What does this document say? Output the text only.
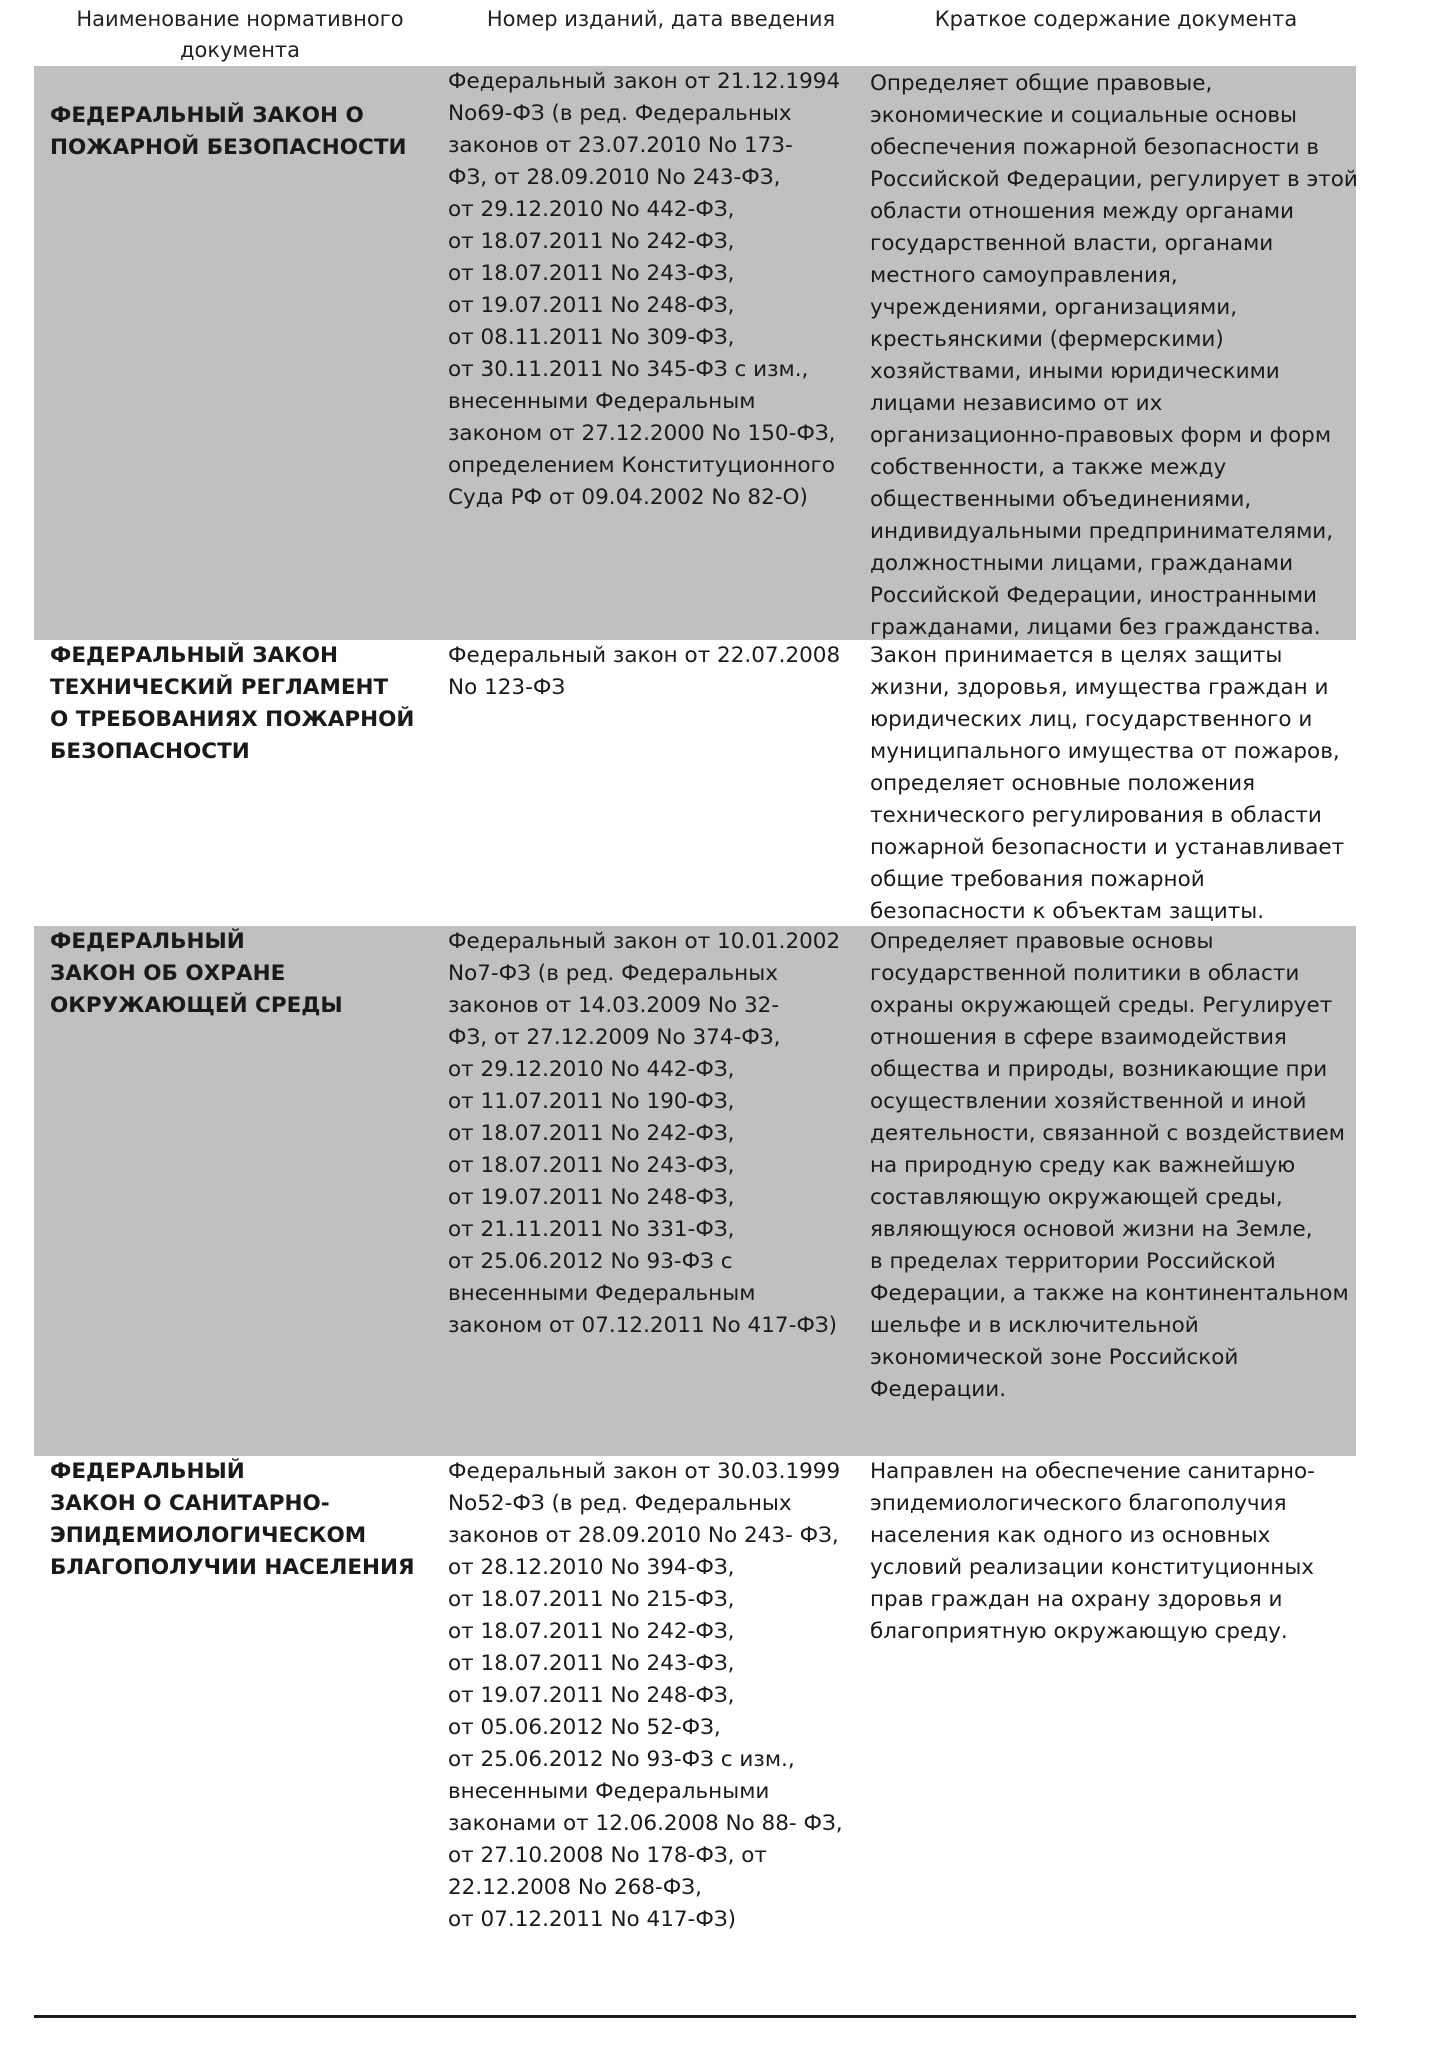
Наименование нормативного
документа
Номер изданий, дата введения	Краткое содержание документа
ФЕДЕРАЛЬНЫЙ ЗАКОН О
ПОЖАРНОЙ БЕЗОПАСНОСТИ
Федеральный закон от 21.12.1994
No69-ФЗ (в ред. Федеральных
законов от 23.07.2010 No 173-
ФЗ, от 28.09.2010 No 243-ФЗ,
от 29.12.2010 No 442-ФЗ,
от 18.07.2011 No 242-ФЗ,
от 18.07.2011 No 243-ФЗ,
от 19.07.2011 No 248-ФЗ,
от 08.11.2011 No 309-ФЗ,
от 30.11.2011 No 345-ФЗ с изм.,
внесенными Федеральным
законом от 27.12.2000 No 150-ФЗ,
определением Конституционного
Суда РФ от 09.04.2002 No 82-О)
Определяет общие правовые,
экономические и социальные основы
обеспечения пожарной безопасности в
Российской Федерации, регулирует в этой
области отношения между органами
государственной власти, органами
местного самоуправления,
учреждениями, организациями,
крестьянскими (фермерскими)
хозяйствами, иными юридическими
лицами независимо от их
организационно-правовых форм и форм
собственности, а также между
общественными объединениями,
индивидуальными предпринимателями,
должностными лицами, гражданами
Российской Федерации, иностранными
гражданами, лицами без гражданства.
ФЕДЕРАЛЬНЫЙ ЗАКОН
ТЕХНИЧЕСКИЙ РЕГЛАМЕНТ
О ТРЕБОВАНИЯХ ПОЖАРНОЙ
БЕЗОПАСНОСТИ
Федеральный закон от 22.07.2008
No 123-ФЗ
Закон принимается в целях защиты
жизни, здоровья, имущества граждан и
юридических лиц, государственного и
муниципального имущества от пожаров,
определяет основные положения
технического регулирования в области
пожарной безопасности и устанавливает
общие требования пожарной
безопасности к объектам защиты.
ФЕДЕРАЛЬНЫЙ
ЗАКОН ОБ ОХРАНЕ
ОКРУЖАЮЩЕЙ СРЕДЫ
Федеральный закон от 10.01.2002
No7-ФЗ (в ред. Федеральных
законов от 14.03.2009 No 32-
ФЗ, от 27.12.2009 No 374-ФЗ,
от 29.12.2010 No 442-ФЗ,
от 11.07.2011 No 190-ФЗ,
от 18.07.2011 No 242-ФЗ,
от 18.07.2011 No 243-ФЗ,
от 19.07.2011 No 248-ФЗ,
от 21.11.2011 No 331-ФЗ,
от 25.06.2012 No 93-ФЗ с
внесенными Федеральным
законом от 07.12.2011 No 417-ФЗ)
Определяет правовые основы
государственной политики в области
охраны окружающей среды. Регулирует
отношения в сфере взаимодействия
общества и природы, возникающие при
осуществлении хозяйственной и иной
деятельности, связанной с воздействием
на природную среду как важнейшую
составляющую окружающей среды,
являющуюся основой жизни на Земле,
в пределах территории Российской
Федерации, а также на континентальном
шельфе и в исключительной
экономической зоне Российской
Федерации.
ФЕДЕРАЛЬНЫЙ
ЗАКОН О САНИТАРНО-
ЭПИДЕМИОЛОГИЧЕСКОМ
БЛАГОПОЛУЧИИ НАСЕЛЕНИЯ
Федеральный закон от 30.03.1999
No52-ФЗ (в ред. Федеральных
законов от 28.09.2010 No 243- ФЗ,
от 28.12.2010 No 394-ФЗ,
от 18.07.2011 No 215-ФЗ,
от 18.07.2011 No 242-ФЗ,
от 18.07.2011 No 243-ФЗ,
от 19.07.2011 No 248-ФЗ,
от 05.06.2012 No 52-ФЗ,
от 25.06.2012 No 93-ФЗ с изм.,
внесенными Федеральными
законами от 12.06.2008 No 88- ФЗ,
от 27.10.2008 No 178-ФЗ, от
22.12.2008 No 268-ФЗ,
от 07.12.2011 No 417-ФЗ)
Направлен на обеспечение санитарно-
эпидемиологического благополучия
населения как одного из основных
условий реализации конституционных
прав граждан на охрану здоровья и
благоприятную окружающую среду.
